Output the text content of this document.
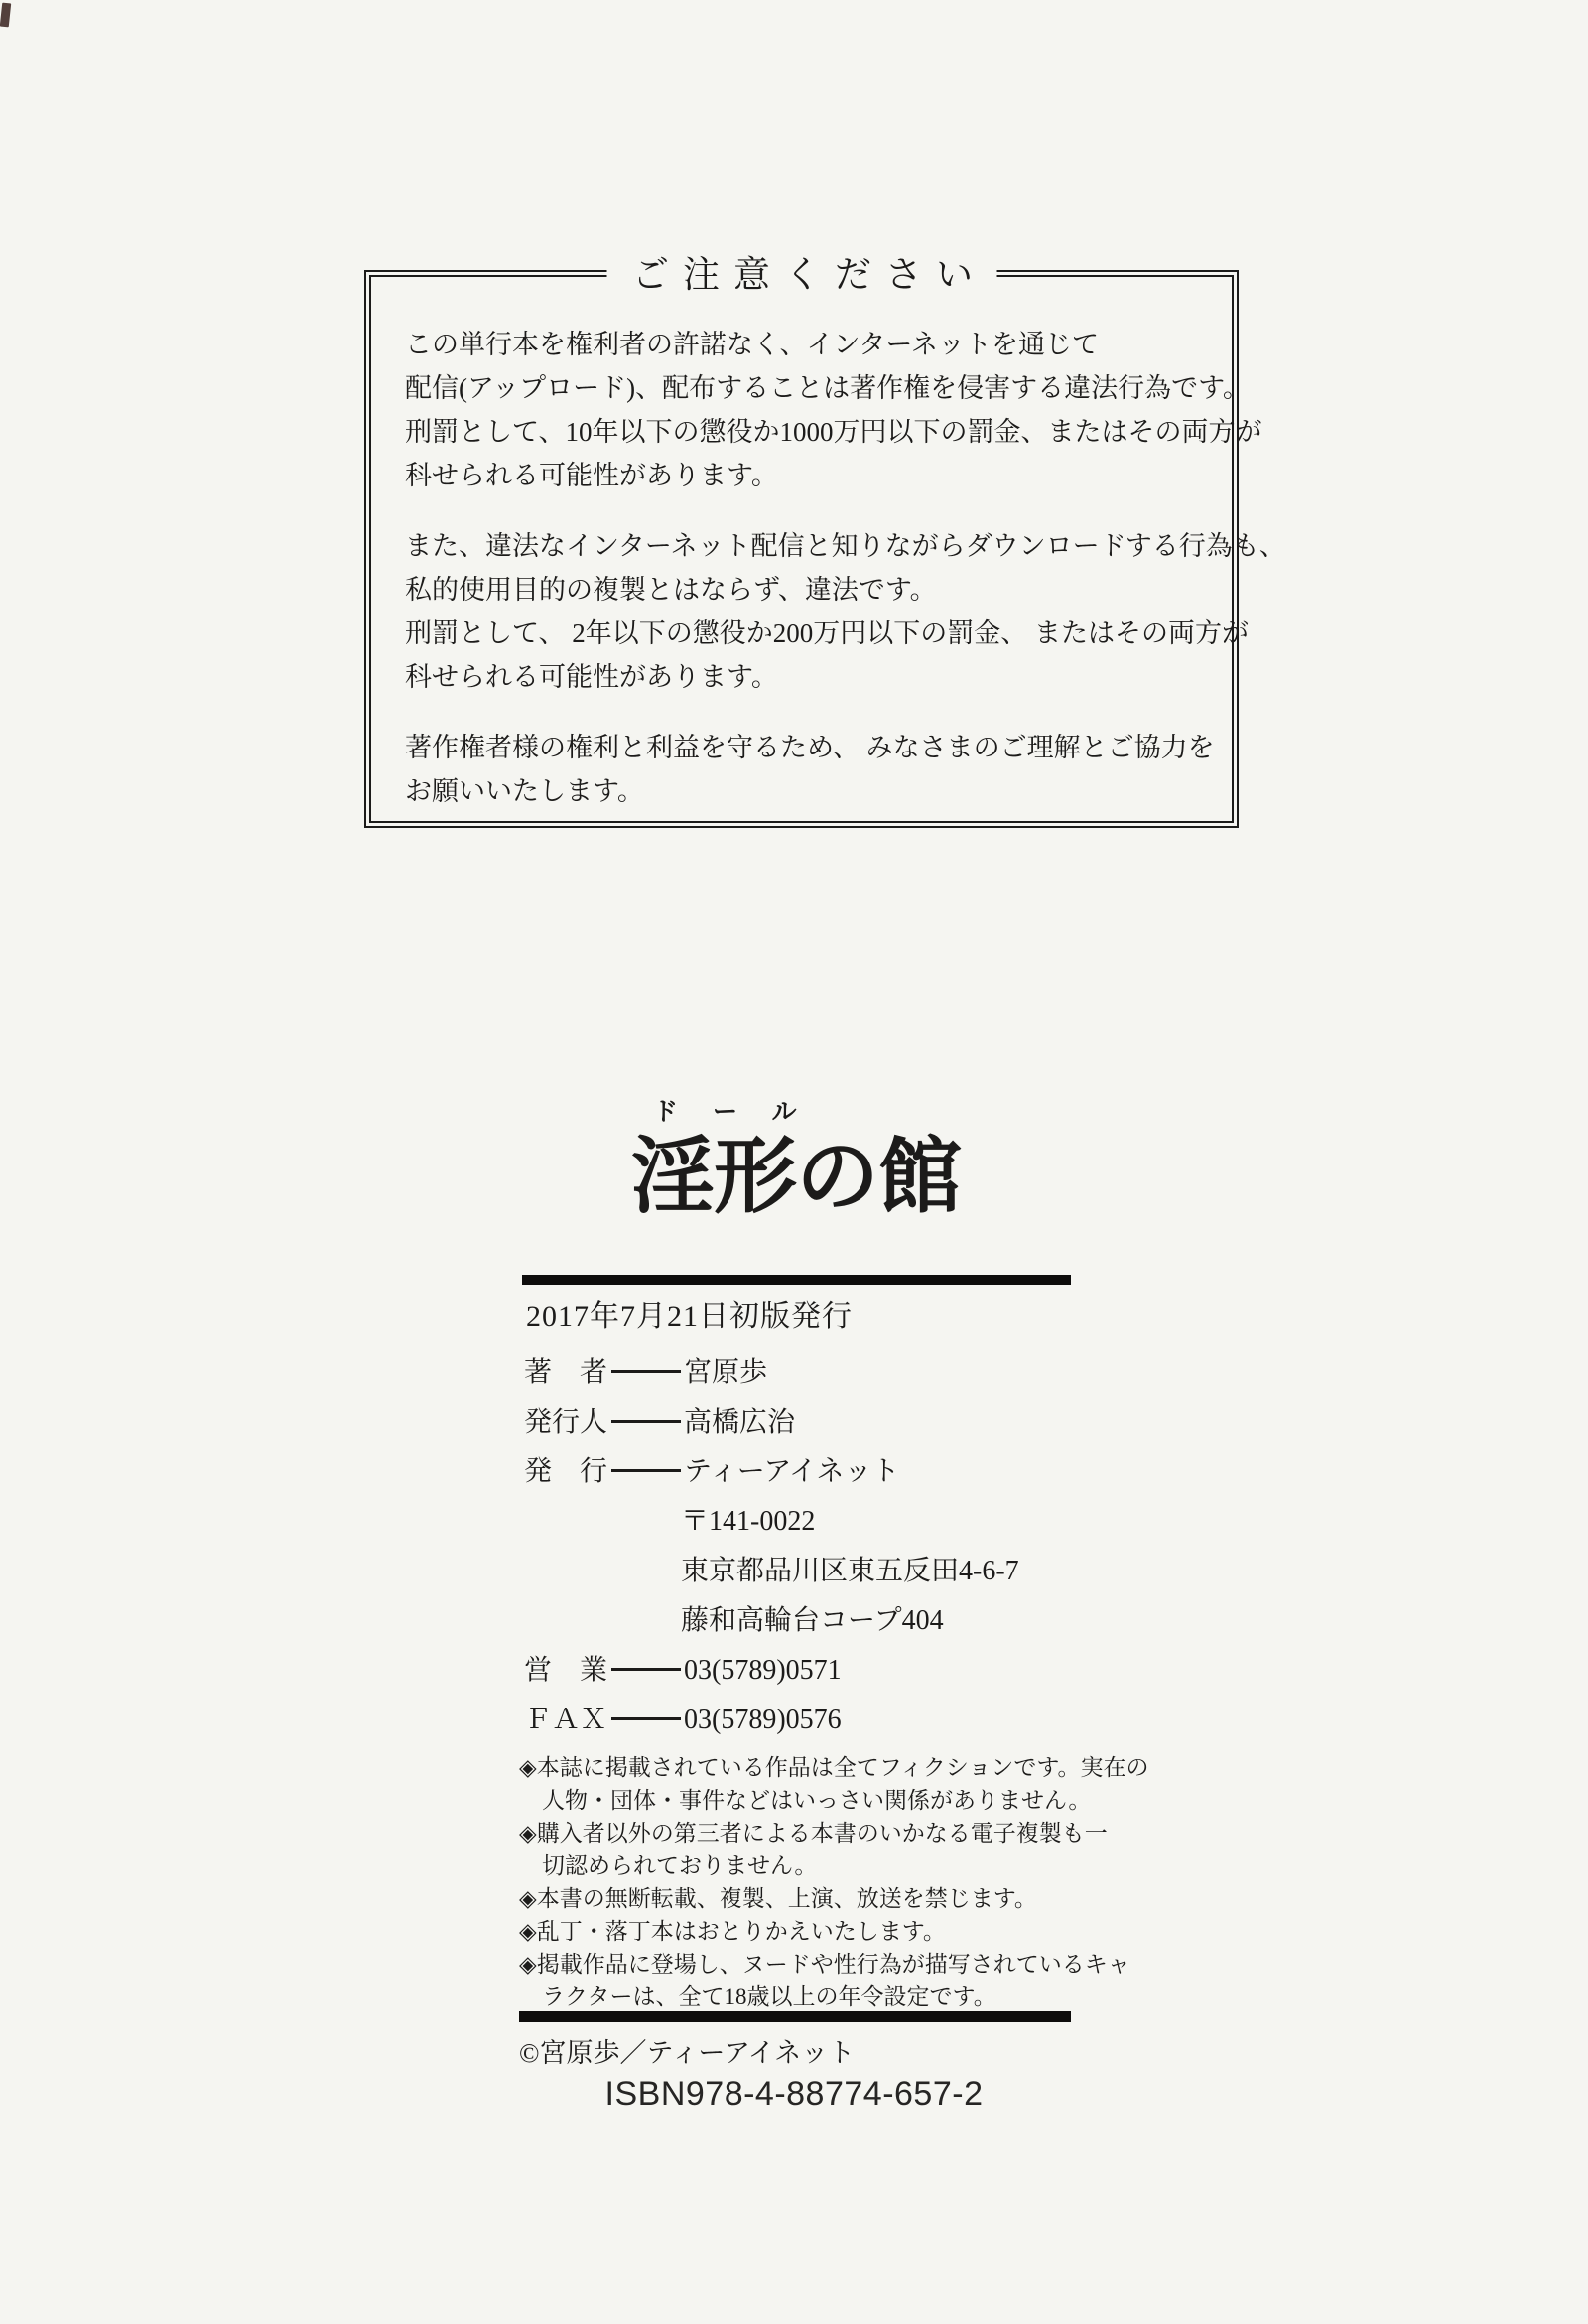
ご注意ください
この単行本を権利者の許諾なく、インターネットを通じて
配信(アップロード)、配布することは著作権を侵害する違法行為です。
刑罰として、10年以下の懲役か1000万円以下の罰金、またはその両方が
科せられる可能性があります。
また、違法なインターネット配信と知りながらダウンロードする行為も、
私的使用目的の複製とはならず、違法です。
刑罰として、 2年以下の懲役か200万円以下の罰金、 またはその両方が
科せられる可能性があります。
著作権者様の権利と利益を守るため、 みなさまのご理解とご協力を
お願いいたします。
ドール
淫形の館
2017年7月21日初版発行
著　者	宮原歩
発行人	高橋広治
発　行	ティーアイネット
〒141-0022
東京都品川区東五反田4-6-7
藤和高輪台コープ404
営　業	03(5789)0571
ＦＡＸ	03(5789)0576
◈本誌に掲載されている作品は全てフィクションです。実在の
人物・団体・事件などはいっさい関係がありません。
◈購入者以外の第三者による本書のいかなる電子複製も一
切認められておりません。
◈本書の無断転載、複製、上演、放送を禁じます。
◈乱丁・落丁本はおとりかえいたします。
◈掲載作品に登場し、ヌードや性行為が描写されているキャ
ラクターは、全て18歳以上の年令設定です。
©宮原歩／ティーアイネット
ISBN978-4-88774-657-2
